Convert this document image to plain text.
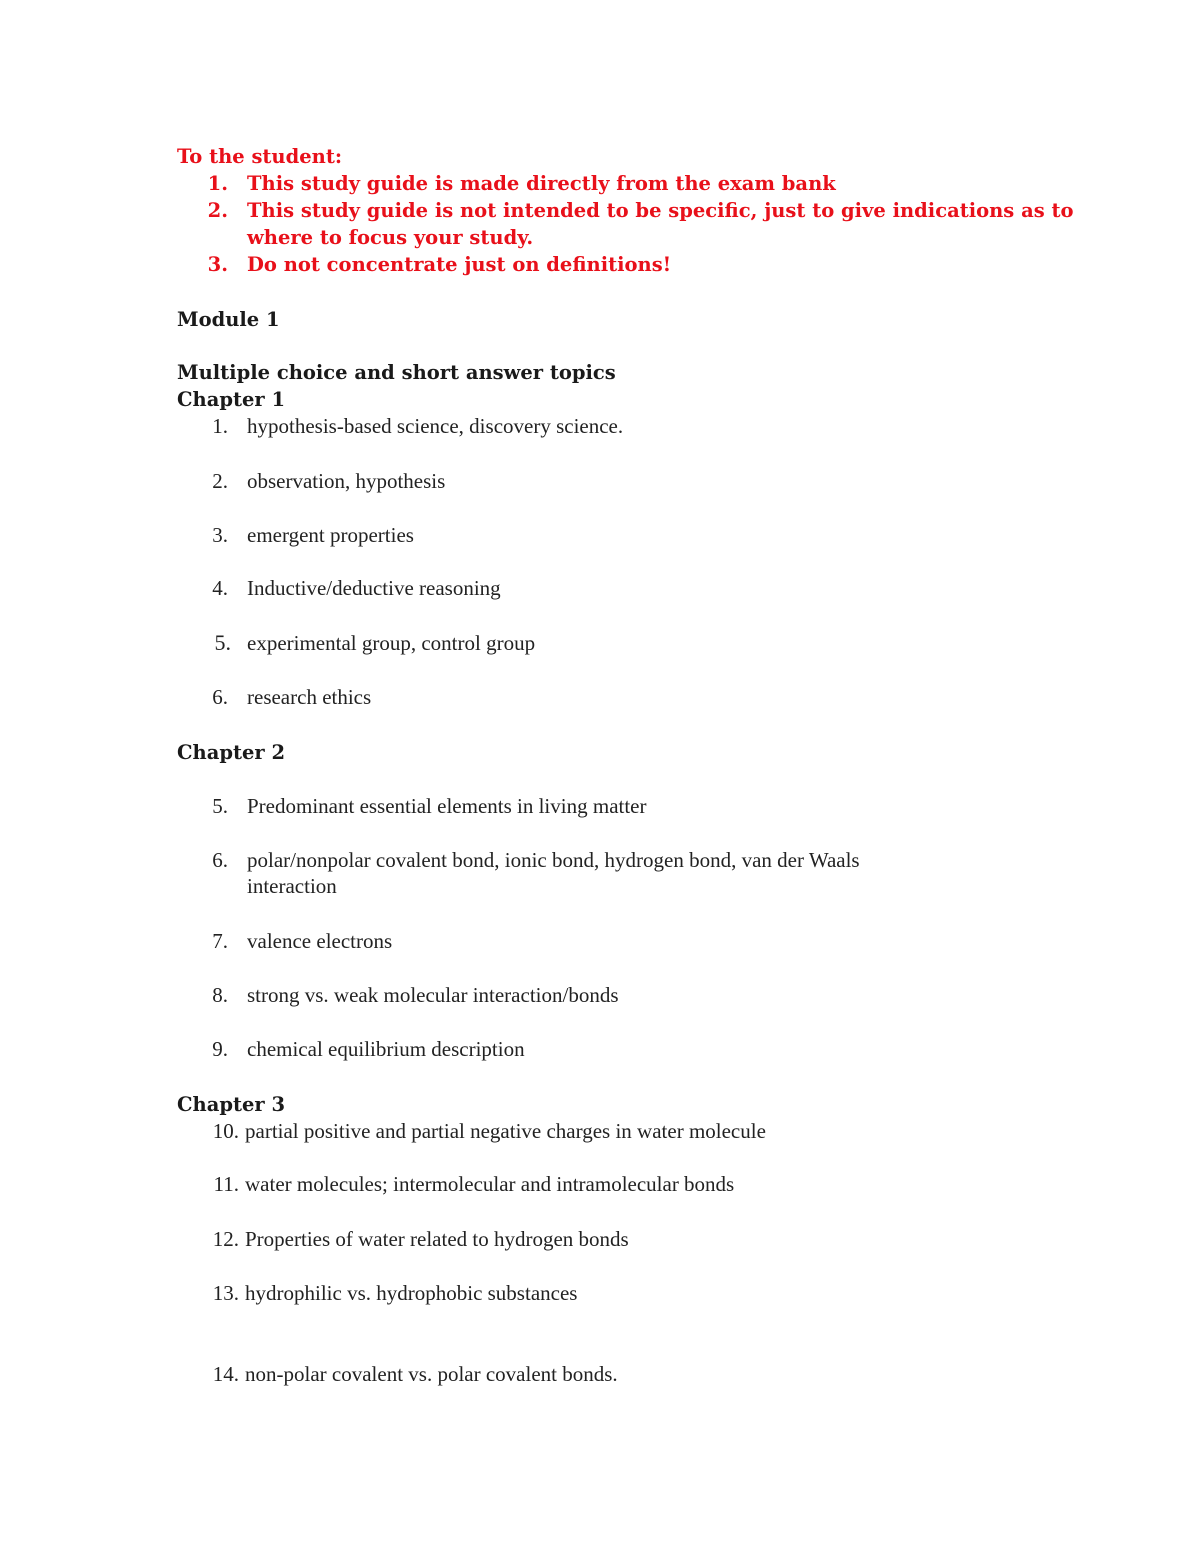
To the student:
1. This study guide is made directly from the exam bank
2. This study guide is not intended to be specific, just to give indications as to
where to focus your study.
3. Do not concentrate just on definitions!
Module 1
Multiple choice and short answer topics
Chapter 1
1. hypothesis-based science, discovery science.
2. observation, hypothesis
3. emergent properties
4. Inductive/deductive reasoning
5. experimental group, control group
6. research ethics
Chapter 2
5. Predominant essential elements in living matter
6. polar/nonpolar covalent bond, ionic bond, hydrogen bond, van der Waals
interaction
7. valence electrons
8. strong vs. weak molecular interaction/bonds
9. chemical equilibrium description
Chapter 3
10. partial positive and partial negative charges in water molecule
11. water molecules; intermolecular and intramolecular bonds
12. Properties of water related to hydrogen bonds
13. hydrophilic vs. hydrophobic substances
14. non-polar covalent vs. polar covalent bonds.
